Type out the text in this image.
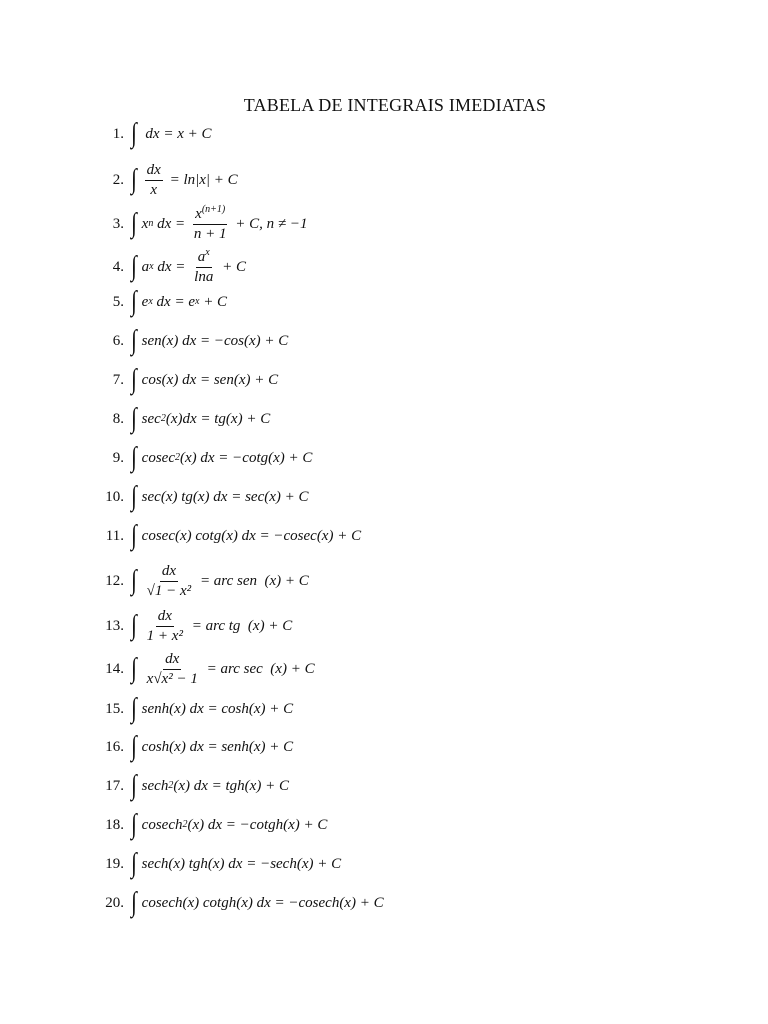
TABELA DE INTEGRAIS IMEDIATAS
1. ∫ dx = x + C
2. ∫ $\frac{dx}{x} = \ln|x| + C$
3. ∫ x n dx = $\frac{x^{(n+1)}}{n + 1} + C$, n ≠ −1
4. ∫ a x dx = $\frac{a^x}{\ln a} + C$
5. ∫ e x dx = e x + C
6. ∫ sen(x) dx = −cos(x) + C
7. ∫ cos(x) dx = sen(x) + C
8. ∫ sec 2 (x)dx = tg(x) + C
9. ∫ cosec 2 (x) dx = −cotg(x) + C
10. ∫ sec(x) tg(x) dx = sec(x) + C
11. ∫ cosec(x) cotg(x) dx = −cosec(x) + C
12. ∫ $\frac{dx}{\text{√1 − x²}}$ = arc sen  (x) + C
13. ∫ $\frac{dx}{\text{1 + x²}}$ = arc tg  (x) + C
14. ∫ $\frac{dx}{\text{x√x² − 1}}$ = arc sec  (x) + C
15. ∫ senh(x) dx = cosh(x) + C
16. ∫ cosh(x) dx = senh(x) + C
17. ∫ sech 2 (x) dx = tgh(x) + C
18. ∫ cosech 2 (x) dx = −cotgh(x) + C
19. ∫ sech(x) tgh(x) dx = −sech(x) + C
20. ∫ cosech(x) cotgh(x) dx = −cosech(x) + C
